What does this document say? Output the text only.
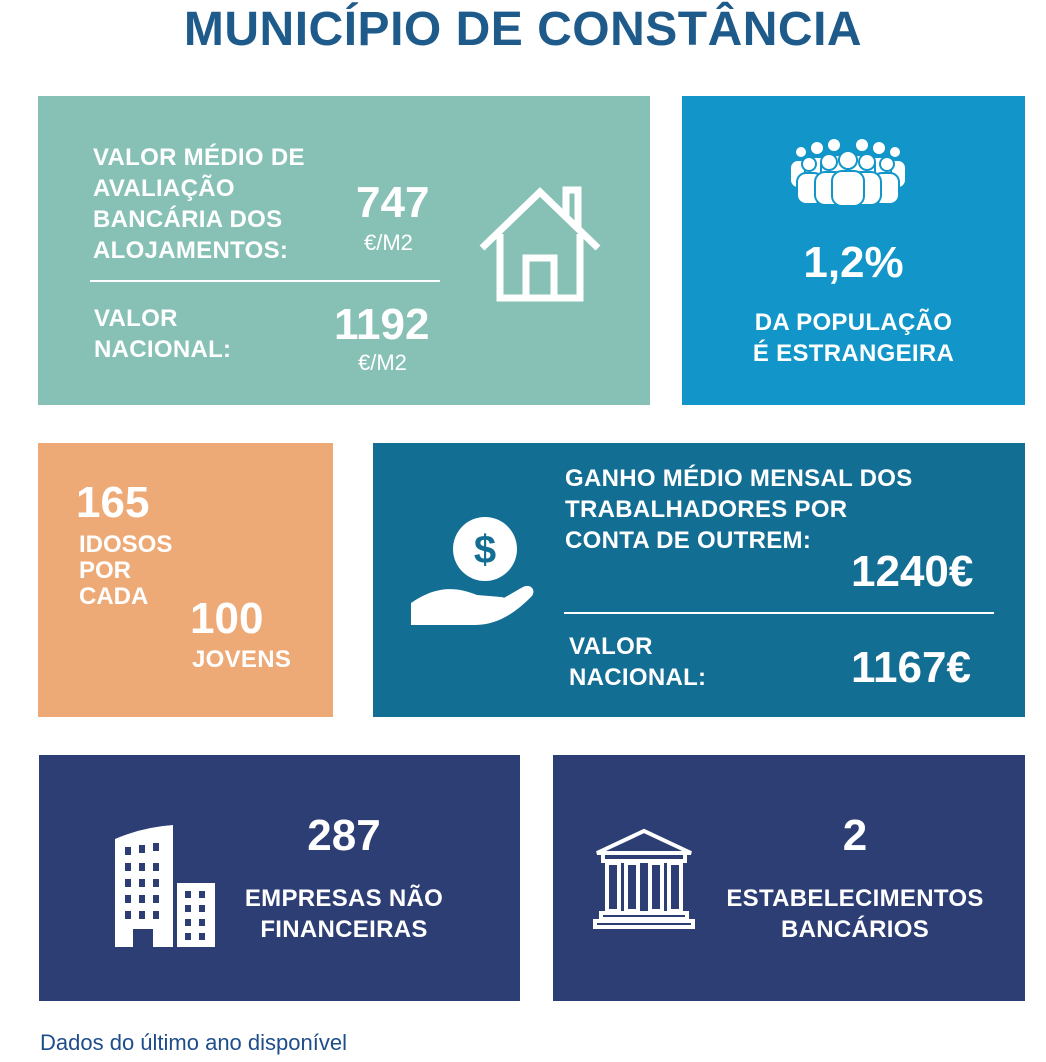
MUNICÍPIO DE CONSTÂNCIA
VALOR MÉDIO DE
AVALIAÇÃO
BANCÁRIA DOS
ALOJAMENTOS:
747
€/M2
VALOR
NACIONAL:
1192
€/M2
1,2%
DA POPULAÇÃO
É ESTRANGEIRA
165
IDOSOS
POR
CADA 100
JOVENS
$
GANHO MÉDIO MENSAL DOS
TRABALHADORES POR
CONTA DE OUTREM:
1240€
VALOR
NACIONAL:	1167€
287
EMPRESAS NÃO
FINANCEIRAS
2
ESTABELECIMENTOS
BANCÁRIOS
Dados do último ano disponível
